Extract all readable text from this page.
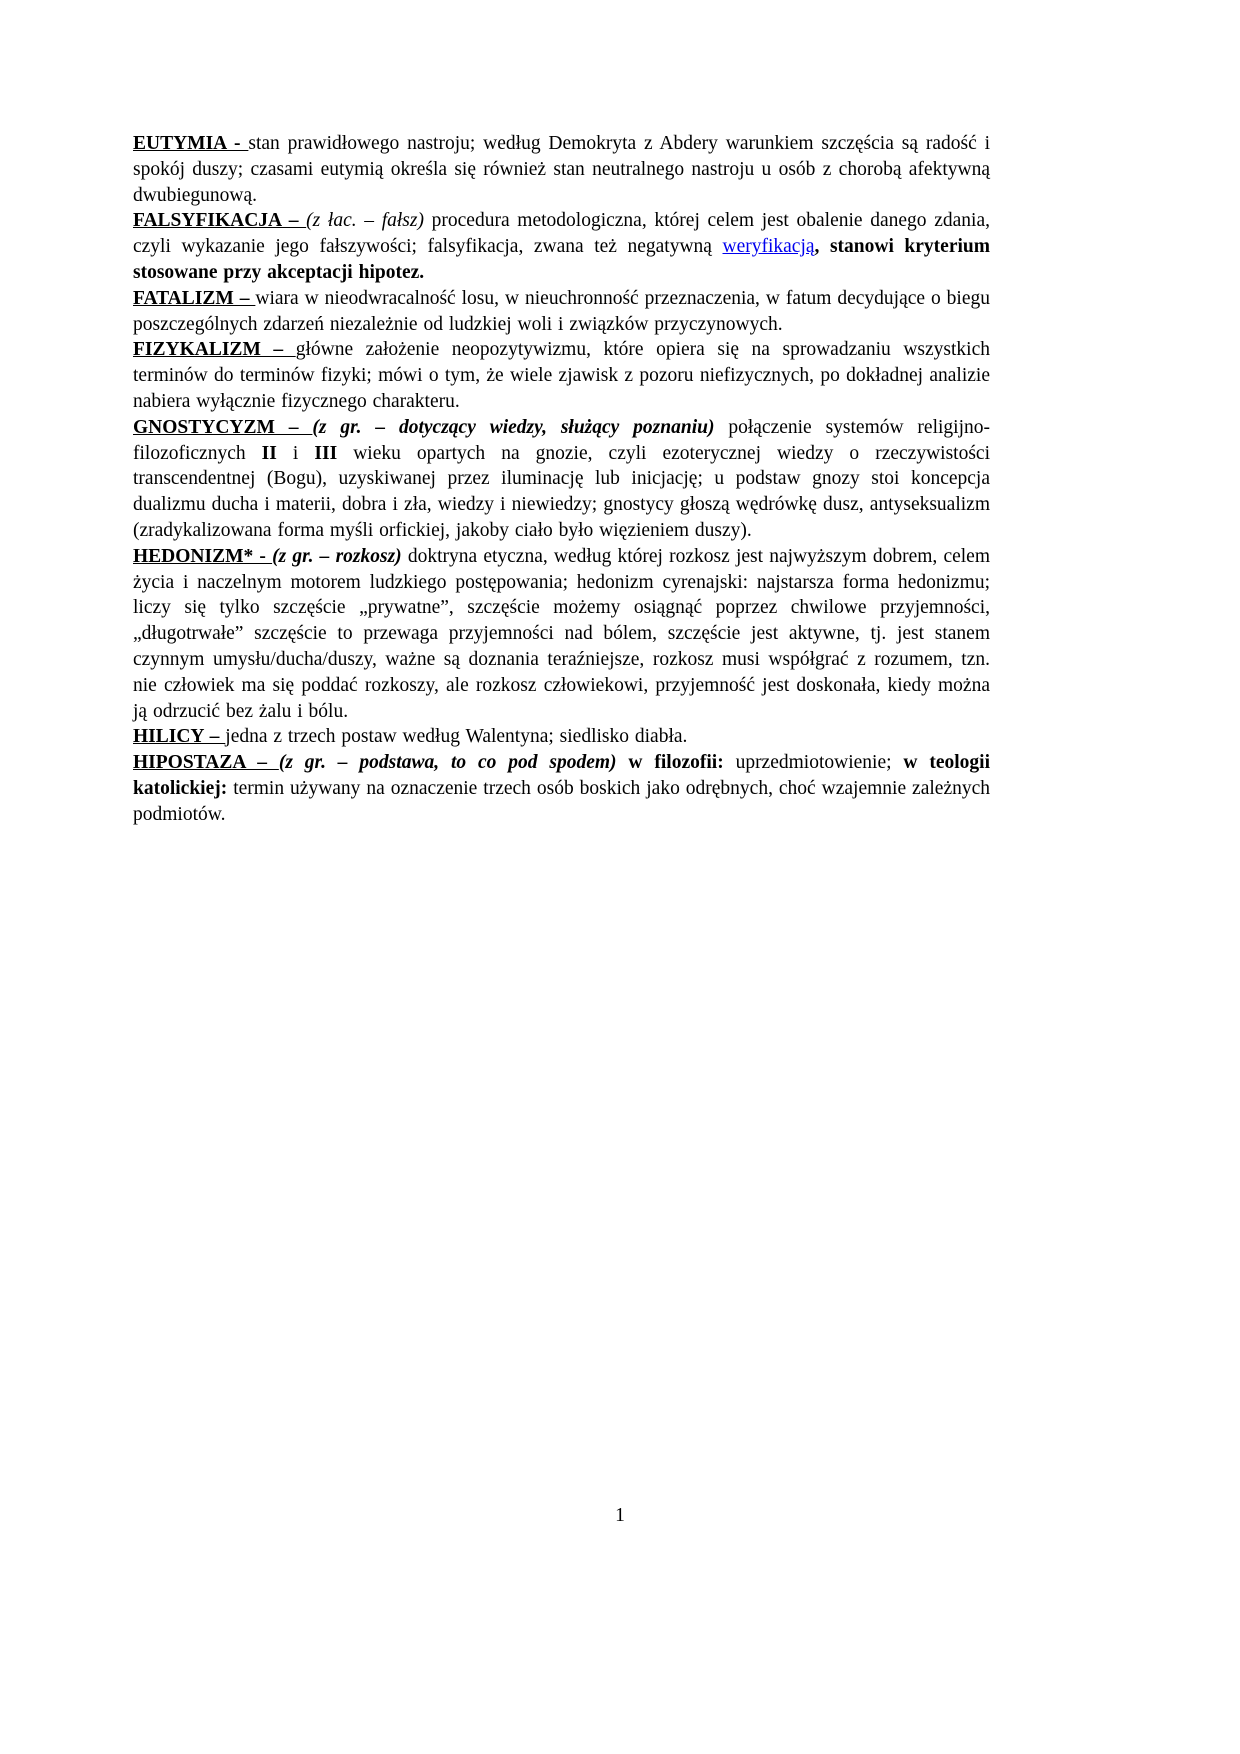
EUTYMIA - stan prawidłowego nastroju; według Demokryta z Abdery warunkiem szczęścia są radość i spokój duszy; czasami eutymią określa się również stan neutralnego nastroju u osób z chorobą afektywną dwubiegunową.

FALSYFIKACJA – (z łac. – fałsz) procedura metodologiczna, której celem jest obalenie danego zdania, czyli wykazanie jego fałszywości; falsyfikacja, zwana też negatywną weryfikacją, stanowi kryterium stosowane przy akceptacji hipotez.

FATALIZM – wiara w nieodwracalność losu, w nieuchronność przeznaczenia, w fatum decydujące o biegu poszczególnych zdarzeń niezależnie od ludzkiej woli i związków przyczynowych.

FIZYKALIZM – główne założenie neopozytywizmu, które opiera się na sprowadzaniu wszystkich terminów do terminów fizyki; mówi o tym, że wiele zjawisk z pozoru niefizycznych, po dokładnej analizie nabiera wyłącznie fizycznego charakteru.

GNOSTYCYZM – (z gr. – dotyczący wiedzy, służący poznaniu) połączenie systemów religijno-filozoficznych II i III wieku opartych na gnozie, czyli ezoterycznej wiedzy o rzeczywistości transcendentnej (Bogu), uzyskiwanej przez iluminację lub inicjację; u podstaw gnozy stoi koncepcja dualizmu ducha i materii, dobra i zła, wiedzy i niewiedzy; gnostycy głoszą wędrówkę dusz, antyseksualizm (zradykalizowana forma myśli orfickiej, jakoby ciało było więzieniem duszy).

HEDONIZM* - (z gr. – rozkosz) doktryna etyczna, według której rozkosz jest najwyższym dobrem, celem życia i naczelnym motorem ludzkiego postępowania; hedonizm cyrenajski: najstarsza forma hedonizmu; liczy się tylko szczęście „prywatne”, szczęście możemy osiągnąć poprzez chwilowe przyjemności, „długotrwałe” szczęście to przewaga przyjemności nad bólem, szczęście jest aktywne, tj. jest stanem czynnym umysłu/ducha/duszy, ważne są doznania teraźniejsze, rozkosz musi współgrać z rozumem, tzn. nie człowiek ma się poddać rozkoszy, ale rozkosz człowiekowi, przyjemność jest doskonała, kiedy można ją odrzucić bez żalu i bólu.

HILICY – jedna z trzech postaw według Walentyna; siedlisko diabła.

HIPOSTAZA – (z gr. – podstawa, to co pod spodem) w filozofii: uprzedmiotowienie; w teologii katolickiej: termin używany na oznaczenie trzech osób boskich jako odrębnych, choć wzajemnie zależnych podmiotów.

1
